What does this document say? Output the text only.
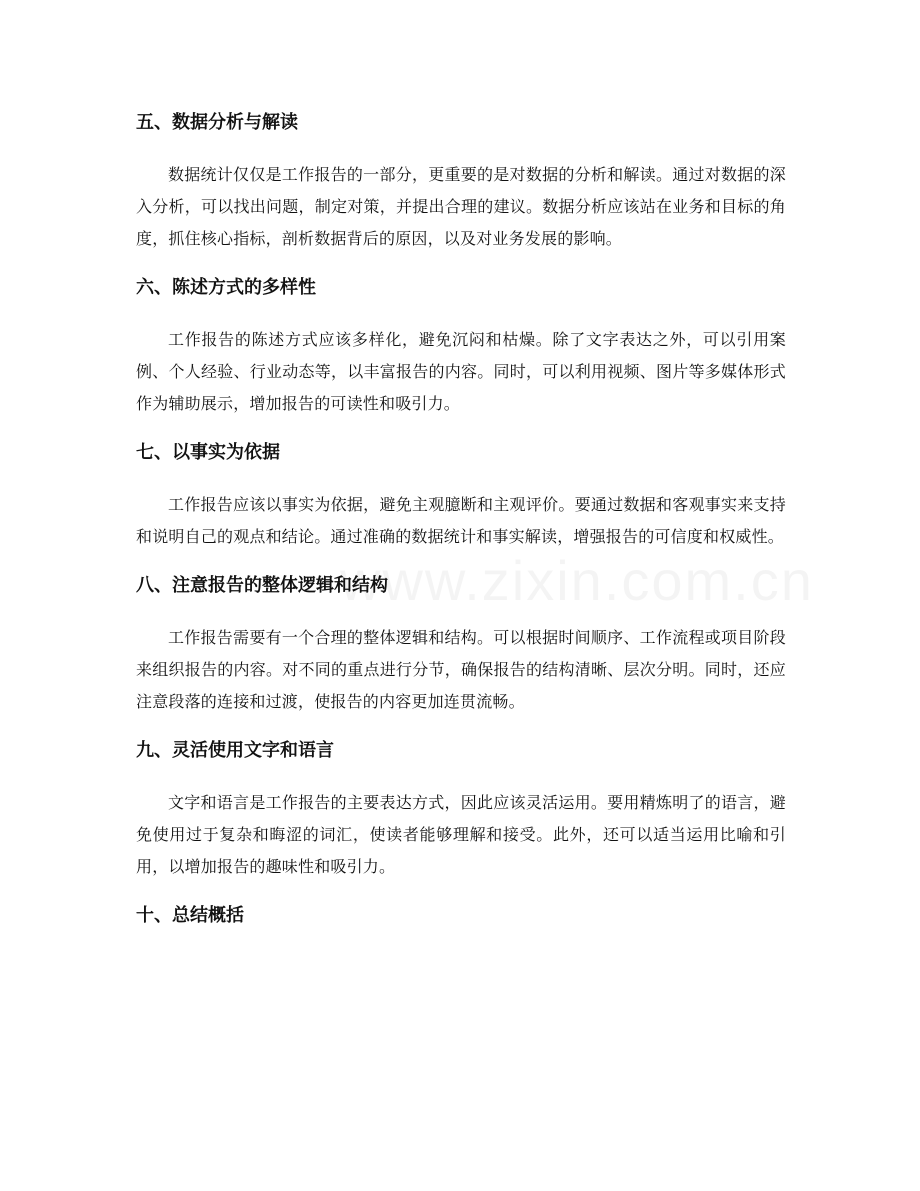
五、数据分析与解读

数据统计仅仅是工作报告的一部分，更重要的是对数据的分析和解读。通过对数据的深入分析，可以找出问题，制定对策，并提出合理的建议。数据分析应该站在业务和目标的角度，抓住核心指标，剖析数据背后的原因，以及对业务发展的影响。

六、陈述方式的多样性

工作报告的陈述方式应该多样化，避免沉闷和枯燥。除了文字表达之外，可以引用案例、个人经验、行业动态等，以丰富报告的内容。同时，可以利用视频、图片等多媒体形式作为辅助展示，增加报告的可读性和吸引力。

七、以事实为依据

工作报告应该以事实为依据，避免主观臆断和主观评价。要通过数据和客观事实来支持和说明自己的观点和结论。通过准确的数据统计和事实解读，增强报告的可信度和权威性。

八、注意报告的整体逻辑和结构

工作报告需要有一个合理的整体逻辑和结构。可以根据时间顺序、工作流程或项目阶段来组织报告的内容。对不同的重点进行分节，确保报告的结构清晰、层次分明。同时，还应注意段落的连接和过渡，使报告的内容更加连贯流畅。

九、灵活使用文字和语言

文字和语言是工作报告的主要表达方式，因此应该灵活运用。要用精炼明了的语言，避免使用过于复杂和晦涩的词汇，使读者能够理解和接受。此外，还可以适当运用比喻和引用，以增加报告的趣味性和吸引力。

十、总结概括
